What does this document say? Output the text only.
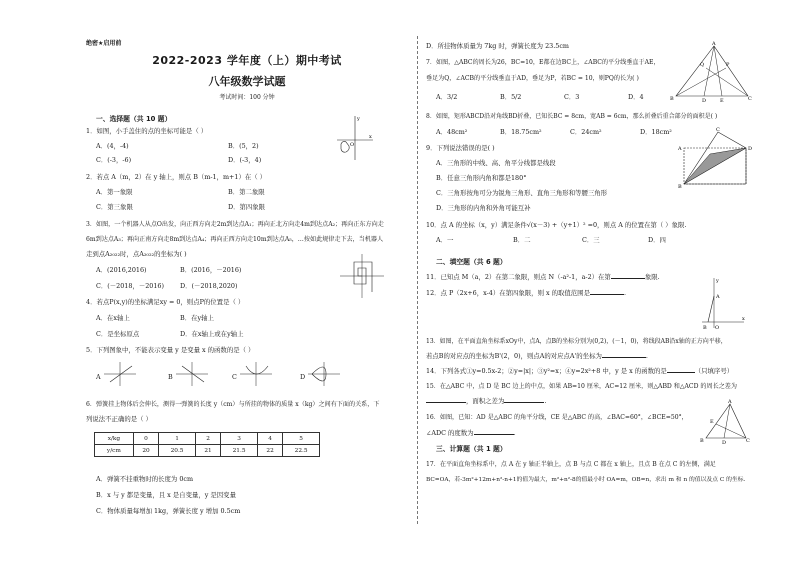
绝密★启用前
2022-2023 学年度（上）期中考试
八年级数学试题
考试时间：100 分钟
一、选择题（共 10 题）
1．如图，小手盖住的点的坐标可能是（ ）
A．(4，-4)	B．(5，2)
C．(-3，-6)	D．(-3，4)
x
y
O
2．若点 A（m，2）在 y 轴上，则点 B（m-1，m+1）在（ ）
A．第一象限	B．第二象限
C．第三象限	D．第四象限
3．如图，一个机器人从点O出发，向正西方向走2m到达点A₁；再向正北方向走4m到达点A₂；再向正东方向走
6m到达点A₃；再向正南方向走8m到达点A₄；再向正西方向走10m到达点A₅，…按如此规律走下去，当机器人
走到点A₂₀₂₂时，点A₂₀₂₂的坐标为( )
A．(2016,2016)	B．(2016，－2016)
C．(－2018，－2016)	D．(－2018,2020)
4．若点P(x,y)的坐标满足xy = 0，则点P的位置是（ ）
A．在x轴上	B．在y轴上
C．是坐标原点	D．在x轴上或在y轴上
5．下列图象中，不能表示变量 y 是变量 x 的函数的是（ ）
A	B	C	D
6．弹簧挂上物体后会伸长，测得一弹簧的长度 y（cm）与所挂的物体的质量 x（kg）之间有下面的关系，下
列说法不正确的是（ ）
x/kg	0	1	2	3	4	5
y/cm	20	20.5	21	21.5	22	22.5
A．弹簧不挂重物时的长度为 0cm
B．x 与 y 都是变量，且 x 是自变量，y 是因变量
C．物体质量每增加 1kg，弹簧长度 y 增加 0.5cm
D．所挂物体质量为 7kg 时，弹簧长度为 23.5cm
7．如图，△ABC的周长为26，BC=10，E都在边BC上，∠ABC的平分线垂直于AE，
垂足为Q，∠ACB的平分线垂直于AD，垂足为P，若BC = 10，则PQ的长为( )
A．3/2	B．5/2	C．3	D．4
A
B	C
D	E
P
Q
8．如图，矩形ABCD沿对角线BD折叠，已知长BC = 8cm，宽AB = 6cm，那么折叠后重合部分的面积是( )
A．48cm²	B．18.75cm²	C．24cm²	D．18cm²	C
A
B
D
9．下列说法错误的是( )
A．三角形的中线、高、角平分线都是线段
B．任意三角形内角和都是180°
C．三角形按角可分为锐角三角形、直角三角形和等腰三角形
D．三角形的内角和外角可能互补
10．点 A 的坐标（x，y）满足条件√(x－3) +（y+1）² =0，则点 A 的位置在第（ ）象限.
A．一	B．二	C．三	D．四
二、填空题（共 6 题）
11．已知点 M（a，2）在第二象限，则点 N（-a²-1，a-2）在第	象限.
12．点 P（2x+6，x-4）在第四象限，则 x 的取值范围是	.
x
y
A
B O
13．如图，在平面直角坐标系xOy中，点A，点B的坐标分别为(0,2)，(－1，0)，将线段AB沿x轴的正方向平移，
若点B的对应点的坐标为B'(2，0)，则点A的对应点A'的坐标为	.
14．下列各式①y=0.5x-2；②y=|x|；③y²=x；④y=2x²+8 中，y 是 x 的函数的是	（只填序号）
15．在△ABC 中，点 D 是 BC 边上的中点，如果 AB=10 厘米，AC=12 厘米，则△ABD 和△ACD 的周长之差为
，面积之差为	.
16．如图，已知：AD 是△ABC 的角平分线，CE 是△ABC 的高，∠BAC=60°，∠BCE=50°，
∠ADC 的度数为	.
A
B	C
D
E
三、计算题（共 1 题）
17．在平面直角坐标系中，点 A 在 y 轴正半轴上，点 B 与点 C 都在 x 轴上，且点 B 在点 C 的左侧，满足
BC=OA，若-3m²+12m+n²-n+1的值为最大，m²+n²-8的值最小时 OA=m，OB=n，求出 m 和 n 的值以及点 C 的坐标.
